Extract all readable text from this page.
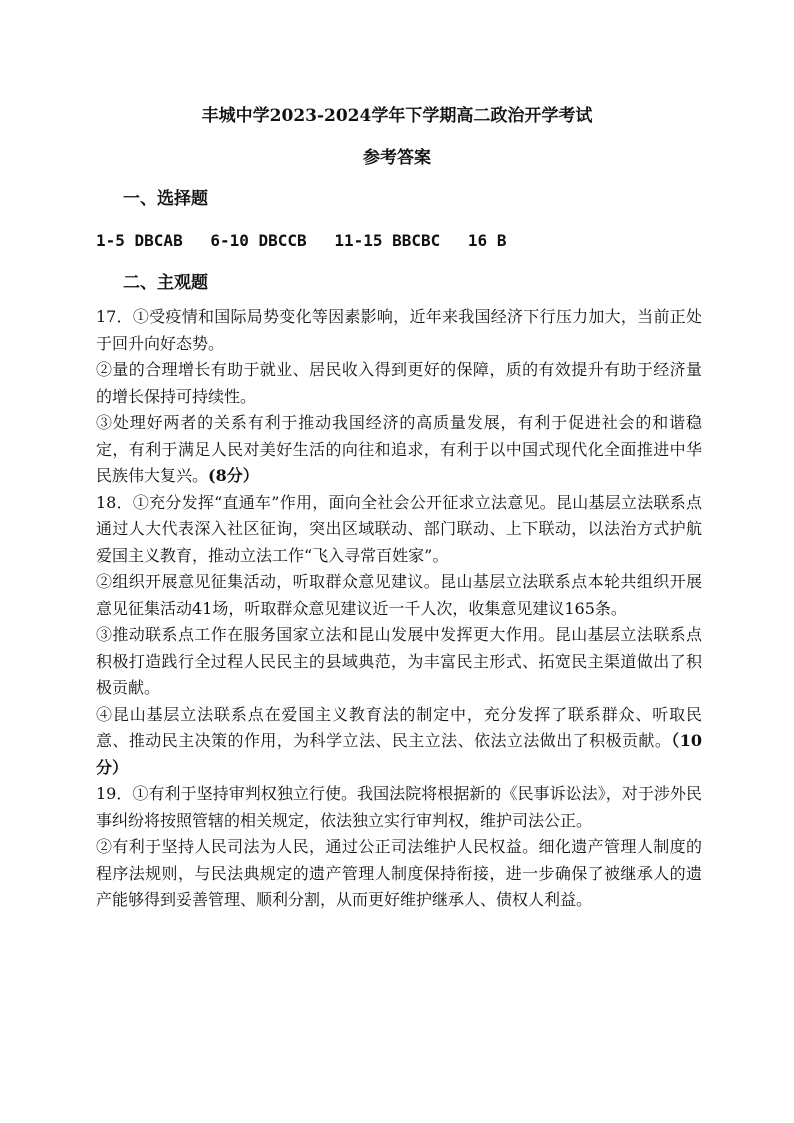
丰城中学2023-2024学年下学期高二政治开学考试
参考答案
一、选择题
1-5 DBCAB 6-10 DBCCB 11-15 BBCBC 16 B
二、主观题

17．①受疫情和国际局势变化等因素影响，近年来我国经济下行压力加大，当前正处于回升向好态势。

②量的合理增长有助于就业、居民收入得到更好的保障，质的有效提升有助于经济量的增长保持可持续性。

③处理好两者的关系有利于推动我国经济的高质量发展，有利于促进社会的和谐稳定，有利于满足人民对美好生活的向往和追求，有利于以中国式现代化全面推进中华民族伟大复兴。(8分）

18．①充分发挥“直通车”作用，面向全社会公开征求立法意见。昆山基层立法联系点通过人大代表深入社区征询，突出区域联动、部门联动、上下联动，以法治方式护航爱国主义教育，推动立法工作“飞入寻常百姓家”。

②组织开展意见征集活动，听取群众意见建议。昆山基层立法联系点本轮共组织开展意见征集活动41场，听取群众意见建议近一千人次，收集意见建议165条。

③推动联系点工作在服务国家立法和昆山发展中发挥更大作用。昆山基层立法联系点积极打造践行全过程人民民主的县域典范，为丰富民主形式、拓宽民主渠道做出了积极贡献。

④昆山基层立法联系点在爱国主义教育法的制定中，充分发挥了联系群众、听取民意、推动民主决策的作用，为科学立法、民主立法、依法立法做出了积极贡献。（10分）

19．①有利于坚持审判权独立行使。我国法院将根据新的《民事诉讼法》，对于涉外民事纠纷将按照管辖的相关规定，依法独立实行审判权，维护司法公正。

②有利于坚持人民司法为人民，通过公正司法维护人民权益。细化遗产管理人制度的程序法规则，与民法典规定的遗产管理人制度保持衔接，进一步确保了被继承人的遗产能够得到妥善管理、顺利分割，从而更好维护继承人、债权人利益。
